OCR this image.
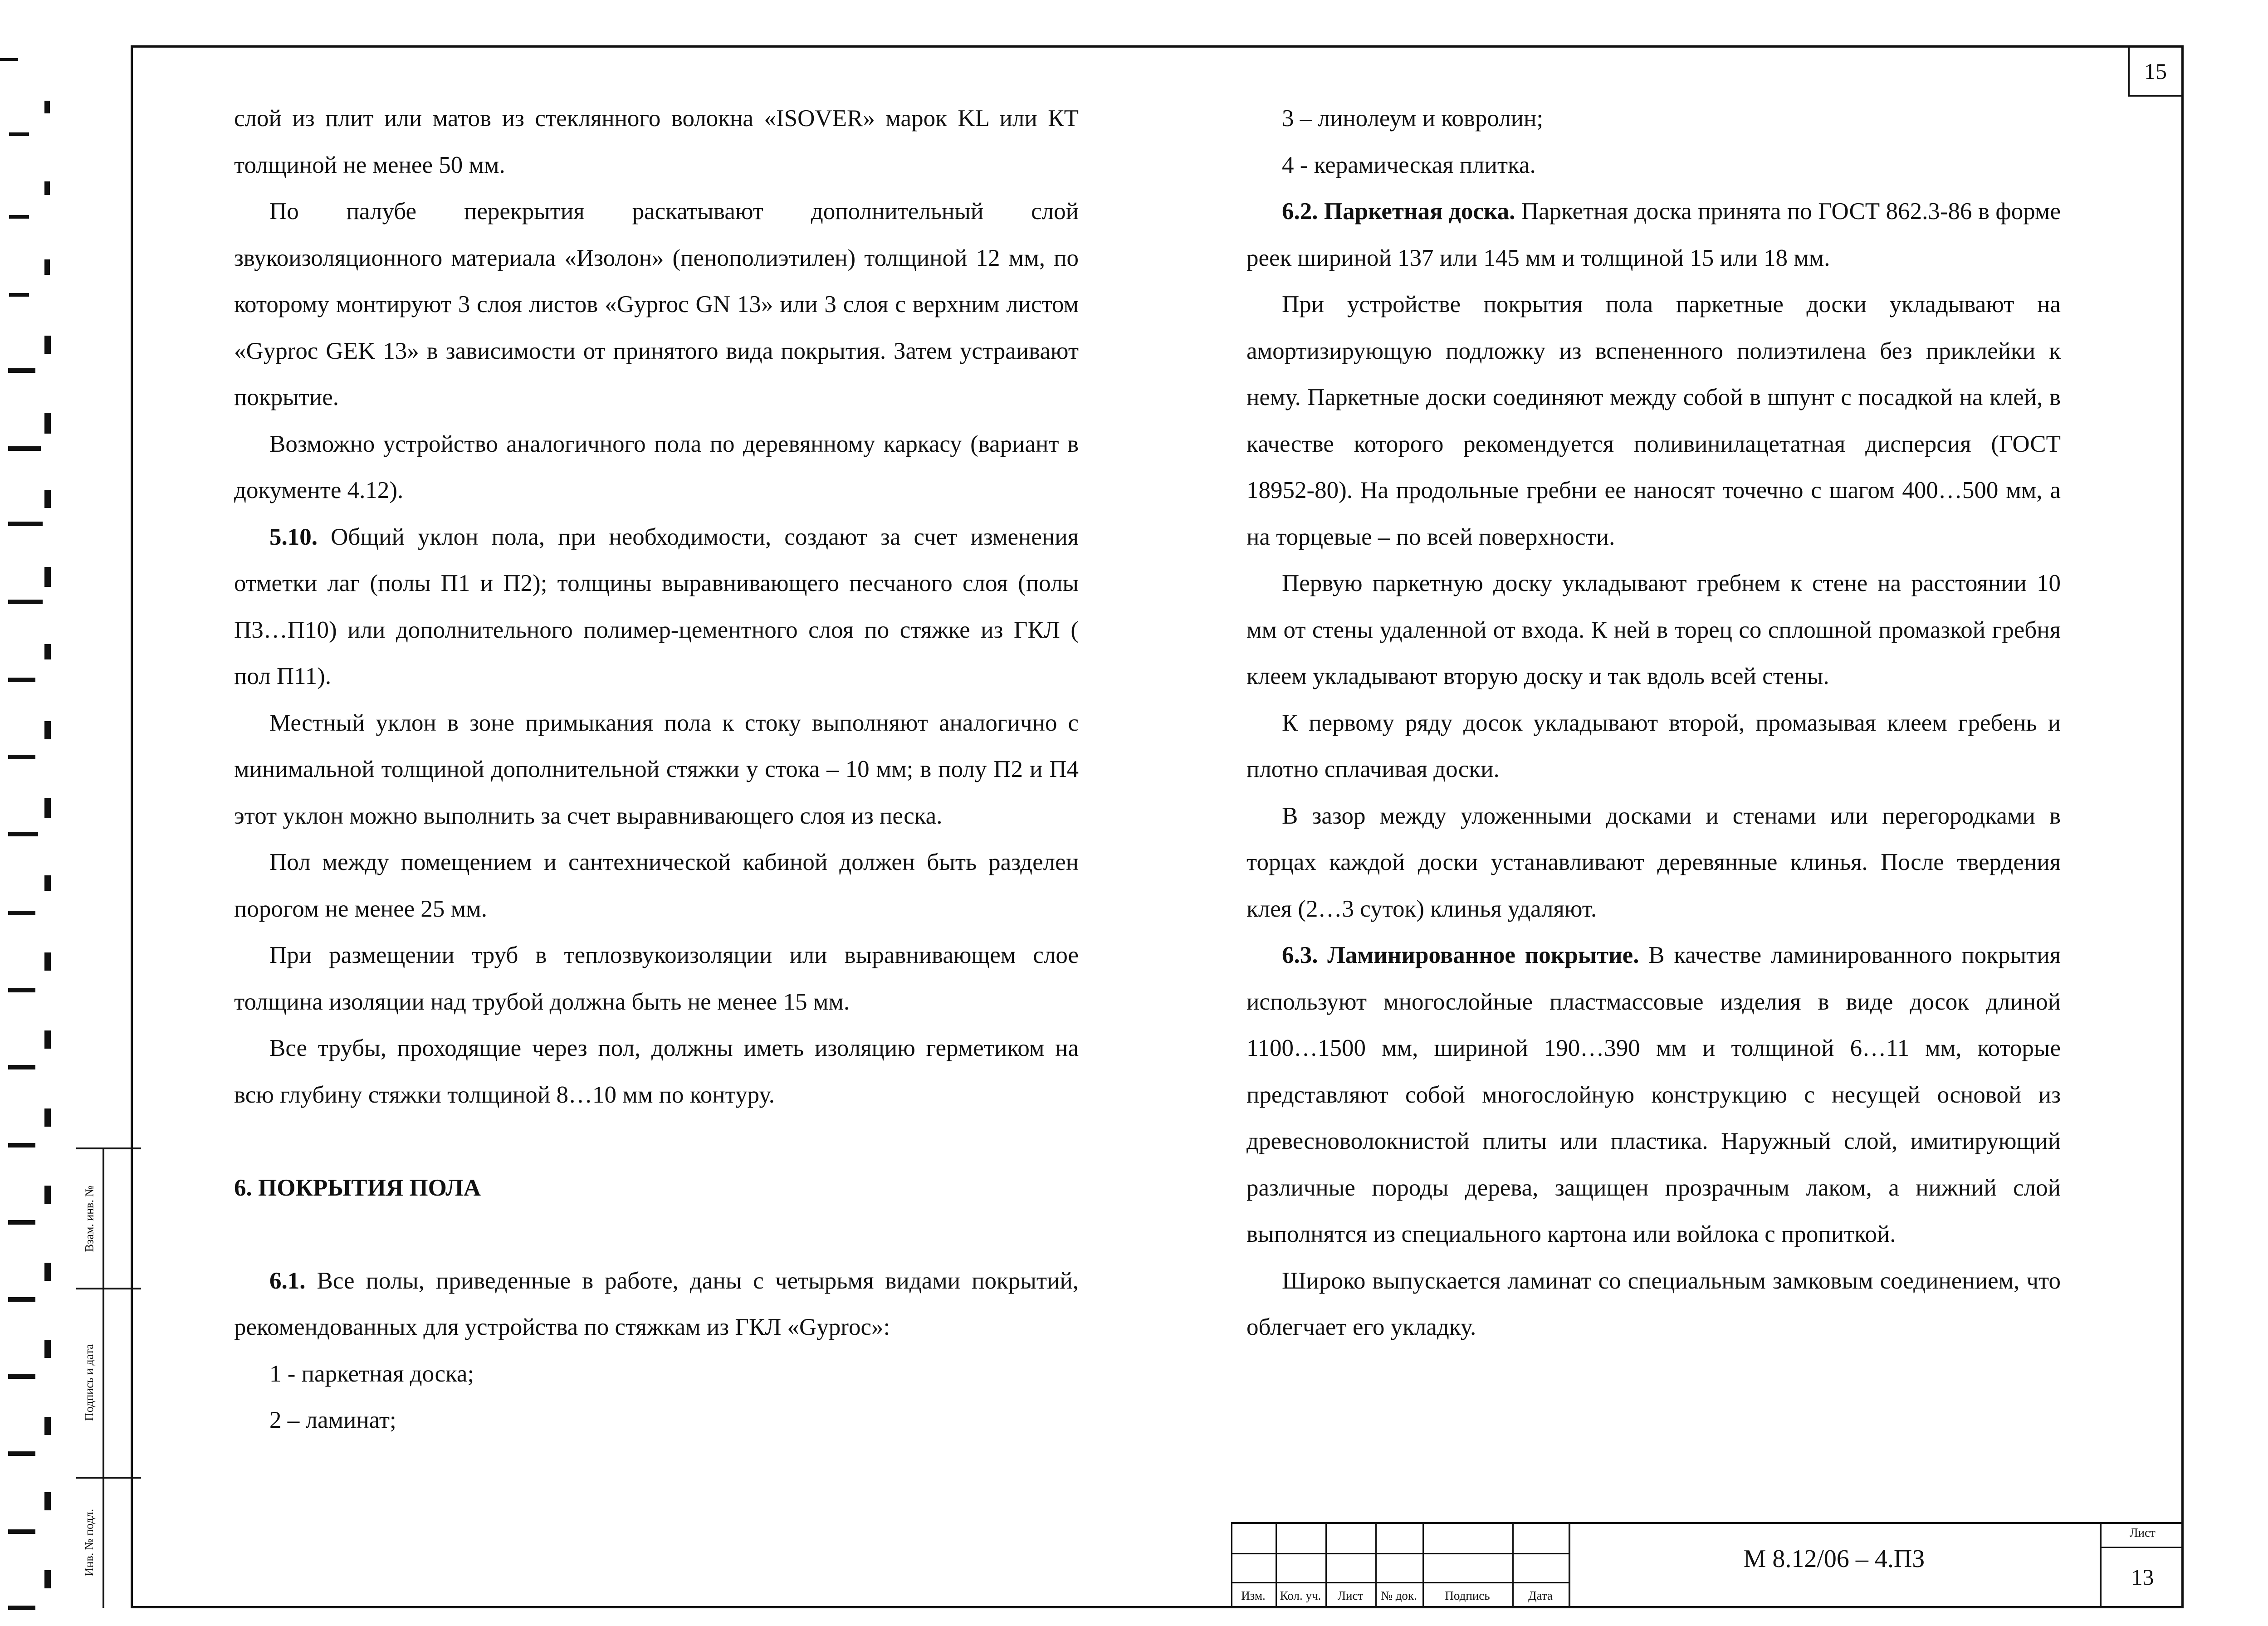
15

слой из плит или матов из стеклянного волокна «ISOVER» марок KL или КТ толщиной не менее 50 мм.

По палубе перекрытия раскатывают дополнительный слой звукоизоляционного материала «Изолон» (пенополиэтилен) толщиной 12 мм, по которому монтируют 3 слоя листов «Gyproc GN 13» или 3 слоя с верхним листом «Gyproc GEK 13» в зависимости от принятого вида покрытия. Затем устраивают покрытие.

Возможно устройство аналогичного пола по деревянному каркасу (вариант в документе 4.12).

5.10. Общий уклон пола, при необходимости, создают за счет изменения отметки лаг (полы П1 и П2); толщины выравнивающего песчаного слоя (полы П3…П10) или дополнительного полимер-цементного слоя по стяжке из ГКЛ ( пол П11).

Местный уклон в зоне примыкания пола к стоку выполняют аналогично с минимальной толщиной дополнительной стяжки у стока – 10 мм; в полу П2 и П4 этот уклон можно выполнить за счет выравнивающего слоя из песка.

Пол между помещением и сантехнической кабиной должен быть разделен порогом не менее 25 мм.

При размещении труб в теплозвукоизоляции или выравнивающем слое толщина изоляции над трубой должна быть не менее 15 мм.

Все трубы, проходящие через пол, должны иметь изоляцию герметиком на всю глубину стяжки толщиной 8…10 мм по контуру.

6. ПОКРЫТИЯ ПОЛА

6.1. Все полы, приведенные в работе, даны с четырьмя видами покрытий, рекомендованных для устройства по стяжкам из ГКЛ «Gyproc»:

1 - паркетная доска;

2 – ламинат;

3 – линолеум и ковролин;

4 - керамическая плитка.

6.2. Паркетная доска. Паркетная доска принята по ГОСТ 862.3-86 в форме реек шириной 137 или 145 мм и толщиной 15 или 18 мм.

При устройстве покрытия пола паркетные доски укладывают на амортизирующую подложку из вспененного полиэтилена без приклейки к нему. Паркетные доски соединяют между собой в шпунт с посадкой на клей, в качестве которого рекомендуется поливинилацетатная дисперсия (ГОСТ 18952-80). На продольные гребни ее наносят точечно с шагом 400…500 мм, а на торцевые – по всей поверхности.

Первую паркетную доску укладывают гребнем к стене на расстоянии 10 мм от стены удаленной от входа. К ней в торец со сплошной промазкой гребня клеем укладывают вторую доску и так вдоль всей стены.

К первому ряду досок укладывают второй, промазывая клеем гребень и плотно сплачивая доски.

В зазор между уложенными досками и стенами или перегородками в торцах каждой доски устанавливают деревянные клинья. После твердения клея (2…3 суток) клинья удаляют.

6.3. Ламинированное покрытие. В качестве ламинированного покрытия используют многослойные пластмассовые изделия в виде досок длиной 1100…1500 мм, шириной 190…390 мм и толщиной 6…11 мм, которые представляют собой многослойную конструкцию с несущей основой из древесноволокнистой плиты или пластика. Наружный слой, имитирующий различные породы дерева, защищен прозрачным лаком, а нижний слой выполнятся из специального картона или войлока с пропиткой.

Широко выпускается ламинат со специальным замковым соединением, что облегчает его укладку.

Взам. инв. №
Подпись и дата
Инв. № подл.
Изм.	Кол. уч.	Лист	№ док.	Подпись	Дата
М 8.12/06 – 4.ПЗ
Лист
13
